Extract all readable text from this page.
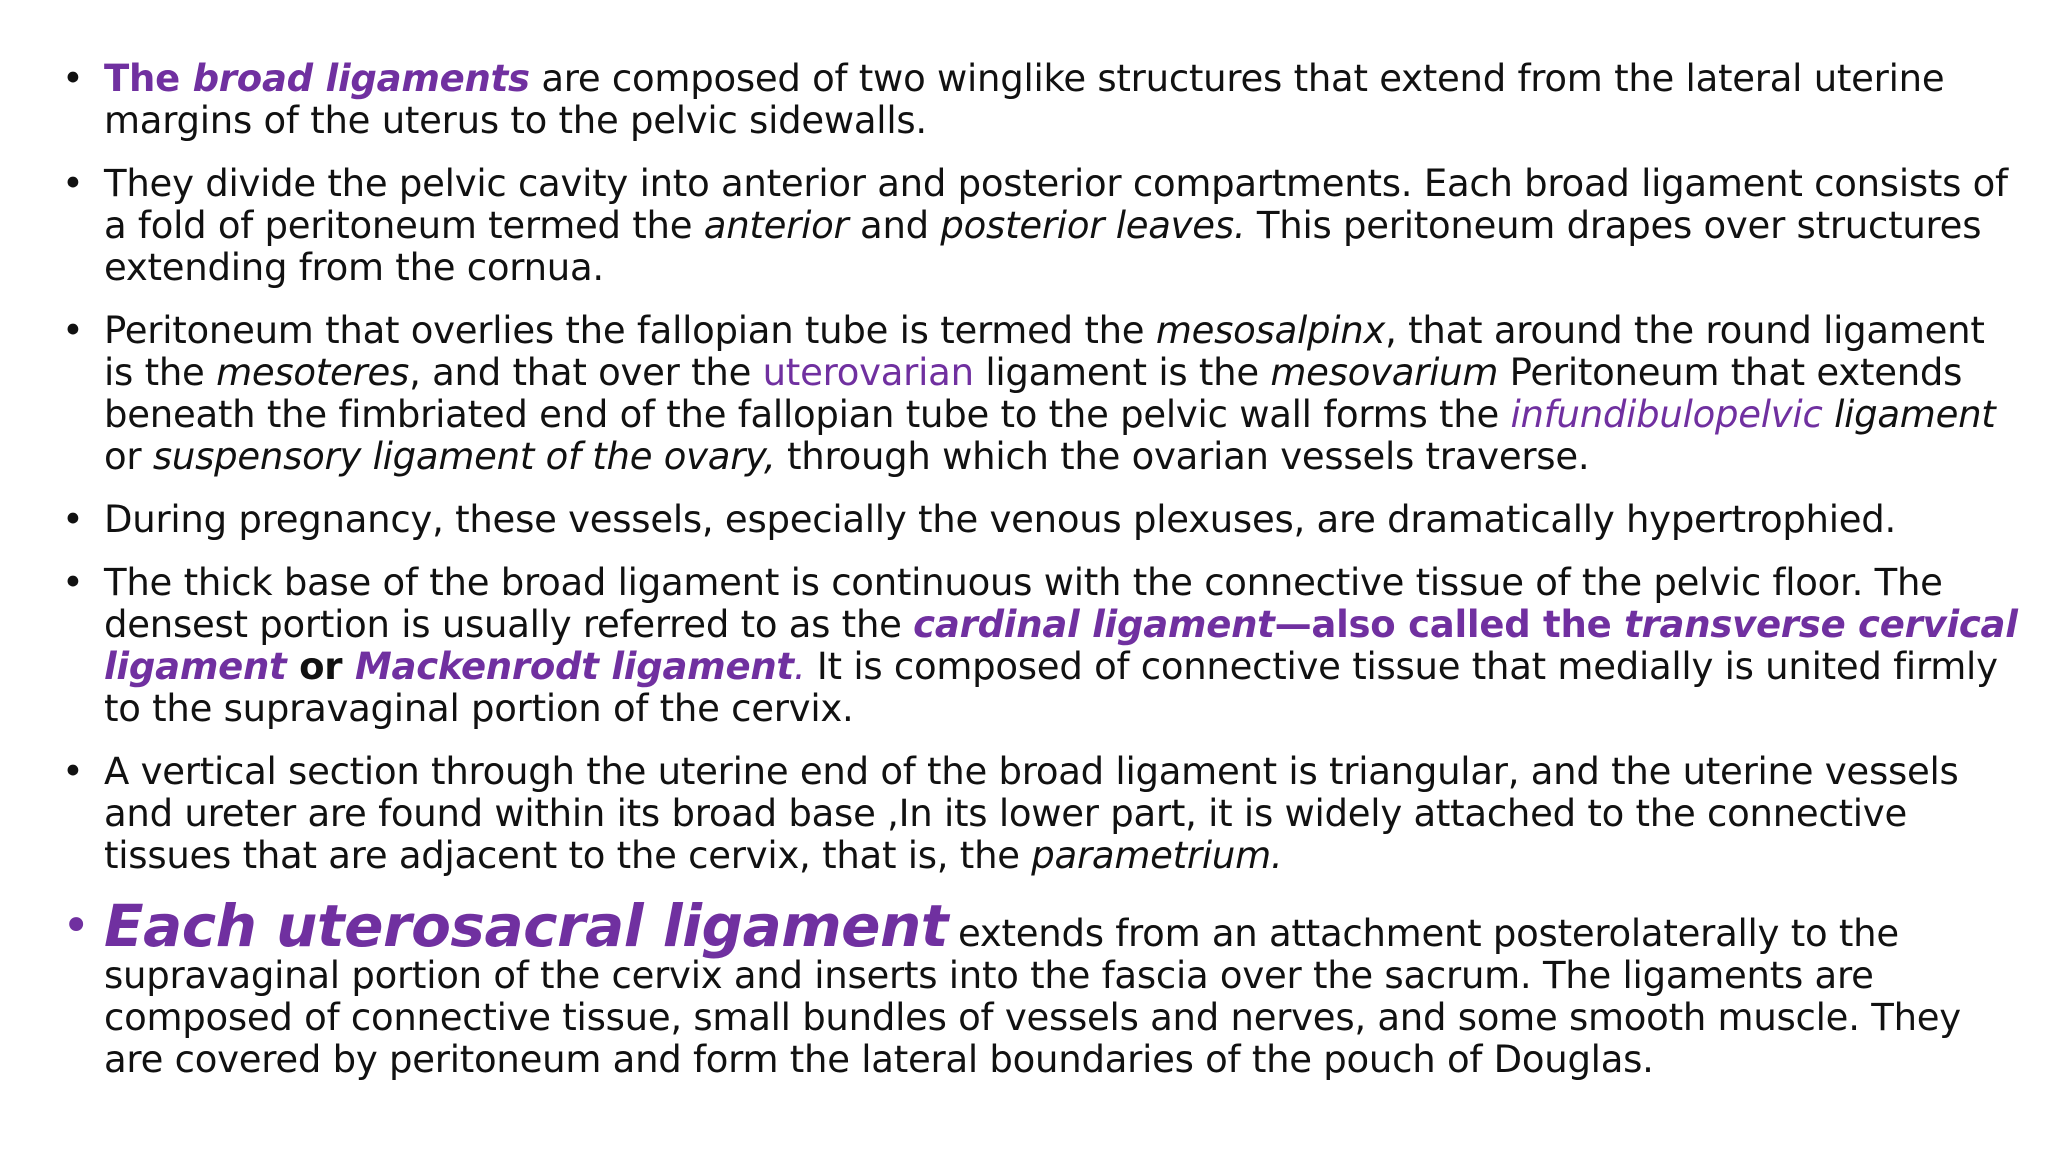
• The broad ligaments are composed of two winglike structures that extend from the lateral uterine margins of the uterus to the pelvic sidewalls.
• They divide the pelvic cavity into anterior and posterior compartments. Each broad ligament consists of a fold of peritoneum termed the anterior and posterior leaves. This peritoneum drapes over structures extending from the cornua.
• Peritoneum that overlies the fallopian tube is termed the mesosalpinx, that around the round ligament is the mesoteres, and that over the uterovarian ligament is the mesovarium Peritoneum that extends beneath the fimbriated end of the fallopian tube to the pelvic wall forms the infundibulopelvic ligament or suspensory ligament of the ovary, through which the ovarian vessels traverse.
• During pregnancy, these vessels, especially the venous plexuses, are dramatically hypertrophied.
• The thick base of the broad ligament is continuous with the connective tissue of the pelvic floor. The densest portion is usually referred to as the cardinal ligament—also called the transverse cervical ligament or Mackenrodt ligament. It is composed of connective tissue that medially is united firmly to the supravaginal portion of the cervix.
• A vertical section through the uterine end of the broad ligament is triangular, and the uterine vessels and ureter are found within its broad base ,In its lower part, it is widely attached to the connective tissues that are adjacent to the cervix, that is, the parametrium.
• Each uterosacral ligament extends from an attachment posterolaterally to the supravaginal portion of the cervix and inserts into the fascia over the sacrum. The ligaments are composed of connective tissue, small bundles of vessels and nerves, and some smooth muscle. They are covered by peritoneum and form the lateral boundaries of the pouch of Douglas.
